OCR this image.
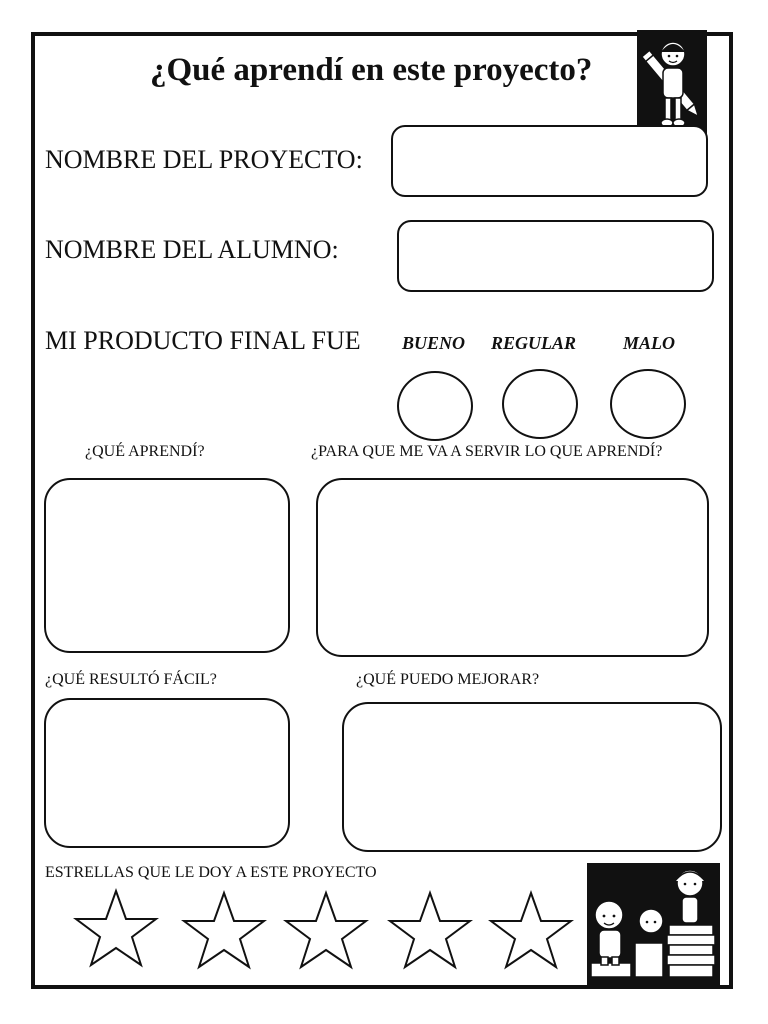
¿Qué aprendí en este proyecto?
NOMBRE DEL PROYECTO:
NOMBRE DEL ALUMNO:
MI PRODUCTO FINAL FUE BUENO REGULAR	MALO
¿QUÉ APRENDÍ?	¿PARA QUE ME VA A SERVIR LO QUE APRENDÍ?
¿QUÉ RESULTÓ FÁCIL?	¿QUÉ PUEDO MEJORAR?
ESTRELLAS QUE LE DOY A ESTE PROYECTO
